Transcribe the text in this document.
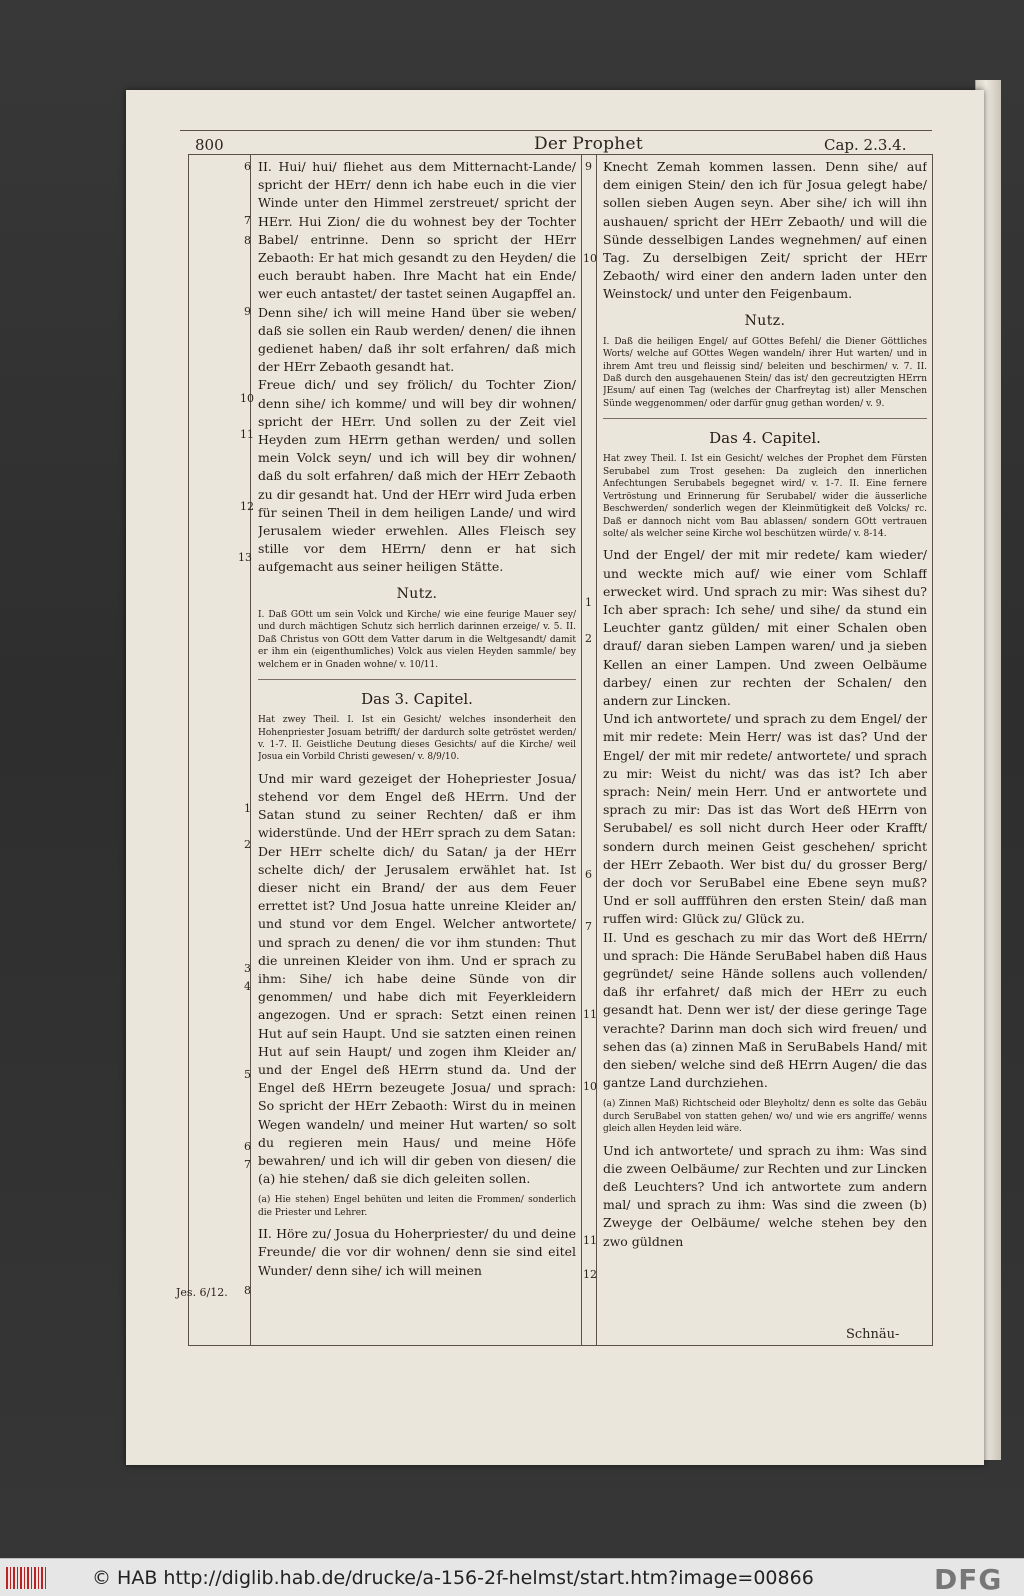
800	Der Prophet	Cap. 2.3.4.
6
7
8
9
10
11
12
13
1
2
3
4
5
6
7
8
9
10
1
2
6
7
11
10
11
12
Jes. 6/12.

II. Hui/ hui/ fliehet aus dem Mitternacht-Lande/ spricht der HErr/ denn ich habe euch in die vier Winde unter den Himmel zerstreuet/ spricht der HErr. Hui Zion/ die du wohnest bey der Tochter Babel/ entrinne. Denn so spricht der HErr Zebaoth: Er hat mich gesandt zu den Heyden/ die euch beraubt haben. Ihre Macht hat ein Ende/ wer euch antastet/ der tastet seinen Augapffel an. Denn sihe/ ich will meine Hand über sie weben/ daß sie sollen ein Raub werden/ denen/ die ihnen gedienet haben/ daß ihr solt erfahren/ daß mich der HErr Zebaoth gesandt hat.

Freue dich/ und sey frölich/ du Tochter Zion/ denn sihe/ ich komme/ und will bey dir wohnen/ spricht der HErr. Und sollen zu der Zeit viel Heyden zum HErrn gethan werden/ und sollen mein Volck seyn/ und ich will bey dir wohnen/ daß du solt erfahren/ daß mich der HErr Zebaoth zu dir gesandt hat. Und der HErr wird Juda erben für seinen Theil in dem heiligen Lande/ und wird Jerusalem wieder erwehlen. Alles Fleisch sey stille vor dem HErrn/ denn er hat sich aufgemacht aus seiner heiligen Stätte.

Nutz.

I. Daß GOtt um sein Volck und Kirche/ wie eine feurige Mauer sey/ und durch mächtigen Schutz sich herrlich darinnen erzeige/ v. 5. II. Daß Christus von GOtt dem Vatter darum in die Weltgesandt/ damit er ihm ein (eigenthumliches) Volck aus vielen Heyden sammle/ bey welchem er in Gnaden wohne/ v. 10/11.

Das 3. Capitel.

Hat zwey Theil. I. Ist ein Gesicht/ welches insonderheit den Hohenpriester Josuam betrifft/ der dardurch solte getröstet werden/ v. 1-7. II. Geistliche Deutung dieses Gesichts/ auf die Kirche/ weil Josua ein Vorbild Christi gewesen/ v. 8/9/10.

Und mir ward gezeiget der Hohepriester Josua/ stehend vor dem Engel deß HErrn. Und der Satan stund zu seiner Rechten/ daß er ihm widerstünde. Und der HErr sprach zu dem Satan: Der HErr schelte dich/ du Satan/ ja der HErr schelte dich/ der Jerusalem erwählet hat. Ist dieser nicht ein Brand/ der aus dem Feuer errettet ist? Und Josua hatte unreine Kleider an/ und stund vor dem Engel. Welcher antwortete/ und sprach zu denen/ die vor ihm stunden: Thut die unreinen Kleider von ihm. Und er sprach zu ihm: Sihe/ ich habe deine Sünde von dir genommen/ und habe dich mit Feyerkleidern angezogen. Und er sprach: Setzt einen reinen Hut auf sein Haupt. Und sie satzten einen reinen Hut auf sein Haupt/ und zogen ihm Kleider an/ und der Engel deß HErrn stund da. Und der Engel deß HErrn bezeugete Josua/ und sprach: So spricht der HErr Zebaoth: Wirst du in meinen Wegen wandeln/ und meiner Hut warten/ so solt du regieren mein Haus/ und meine Höfe bewahren/ und ich will dir geben von diesen/ die (a) hie stehen/ daß sie dich geleiten sollen.

(a) Hie stehen) Engel behüten und leiten die Frommen/ sonderlich die Priester und Lehrer.

II. Höre zu/ Josua du Hoherpriester/ du und deine Freunde/ die vor dir wohnen/ denn sie sind eitel Wunder/ denn sihe/ ich will meinen

Knecht Zemah kommen lassen. Denn sihe/ auf dem einigen Stein/ den ich für Josua gelegt habe/ sollen sieben Augen seyn. Aber sihe/ ich will ihn aushauen/ spricht der HErr Zebaoth/ und will die Sünde desselbigen Landes wegnehmen/ auf einen Tag. Zu derselbigen Zeit/ spricht der HErr Zebaoth/ wird einer den andern laden unter den Weinstock/ und unter den Feigenbaum.

Nutz.

I. Daß die heiligen Engel/ auf GOttes Befehl/ die Diener Göttliches Worts/ welche auf GOttes Wegen wandeln/ ihrer Hut warten/ und in ihrem Amt treu und fleissig sind/ beleiten und beschirmen/ v. 7. II. Daß durch den ausgehauenen Stein/ das ist/ den gecreutzigten HErrn JEsum/ auf einen Tag (welches der Charfreytag ist) aller Menschen Sünde weggenommen/ oder darfür gnug gethan worden/ v. 9.

Das 4. Capitel.

Hat zwey Theil. I. Ist ein Gesicht/ welches der Prophet dem Fürsten Serubabel zum Trost gesehen: Da zugleich den innerlichen Anfechtungen Serubabels begegnet wird/ v. 1-7. II. Eine fernere Vertröstung und Erinnerung für Serubabel/ wider die äusserliche Beschwerden/ sonderlich wegen der Kleinmütigkeit deß Volcks/ rc. Daß er dannoch nicht vom Bau ablassen/ sondern GOtt vertrauen solte/ als welcher seine Kirche wol beschützen würde/ v. 8-14.

Und der Engel/ der mit mir redete/ kam wieder/ und weckte mich auf/ wie einer vom Schlaff erwecket wird. Und sprach zu mir: Was sihest du? Ich aber sprach: Ich sehe/ und sihe/ da stund ein Leuchter gantz gülden/ mit einer Schalen oben drauf/ daran sieben Lampen waren/ und ja sieben Kellen an einer Lampen. Und zween Oelbäume darbey/ einen zur rechten der Schalen/ den andern zur Lincken.

Und ich antwortete/ und sprach zu dem Engel/ der mit mir redete: Mein Herr/ was ist das? Und der Engel/ der mit mir redete/ antwortete/ und sprach zu mir: Weist du nicht/ was das ist? Ich aber sprach: Nein/ mein Herr. Und er antwortete und sprach zu mir: Das ist das Wort deß HErrn von Serubabel/ es soll nicht durch Heer oder Krafft/ sondern durch meinen Geist geschehen/ spricht der HErr Zebaoth. Wer bist du/ du grosser Berg/ der doch vor SeruBabel eine Ebene seyn muß? Und er soll auffführen den ersten Stein/ daß man ruffen wird: Glück zu/ Glück zu.

II. Und es geschach zu mir das Wort deß HErrn/ und sprach: Die Hände SeruBabel haben diß Haus gegründet/ seine Hände sollens auch vollenden/ daß ihr erfahret/ daß mich der HErr zu euch gesandt hat. Denn wer ist/ der diese geringe Tage verachte? Darinn man doch sich wird freuen/ und sehen das (a) zinnen Maß in SeruBabels Hand/ mit den sieben/ welche sind deß HErrn Augen/ die das gantze Land durchziehen.

(a) Zinnen Maß) Richtscheid oder Bleyholtz/ denn es solte das Gebäu durch SeruBabel von statten gehen/ wo/ und wie ers angriffe/ wenns gleich allen Heyden leid wäre.

Und ich antwortete/ und sprach zu ihm: Was sind die zween Oelbäume/ zur Rechten und zur Lincken deß Leuchters? Und ich antwortete zum andern mal/ und sprach zu ihm: Was sind die zween (b) Zweyge der Oelbäume/ welche stehen bey den zwo güldnen

Schnäu-
© HAB http://diglib.hab.de/drucke/a-156-2f-helmst/start.htm?image=00866	DFG
